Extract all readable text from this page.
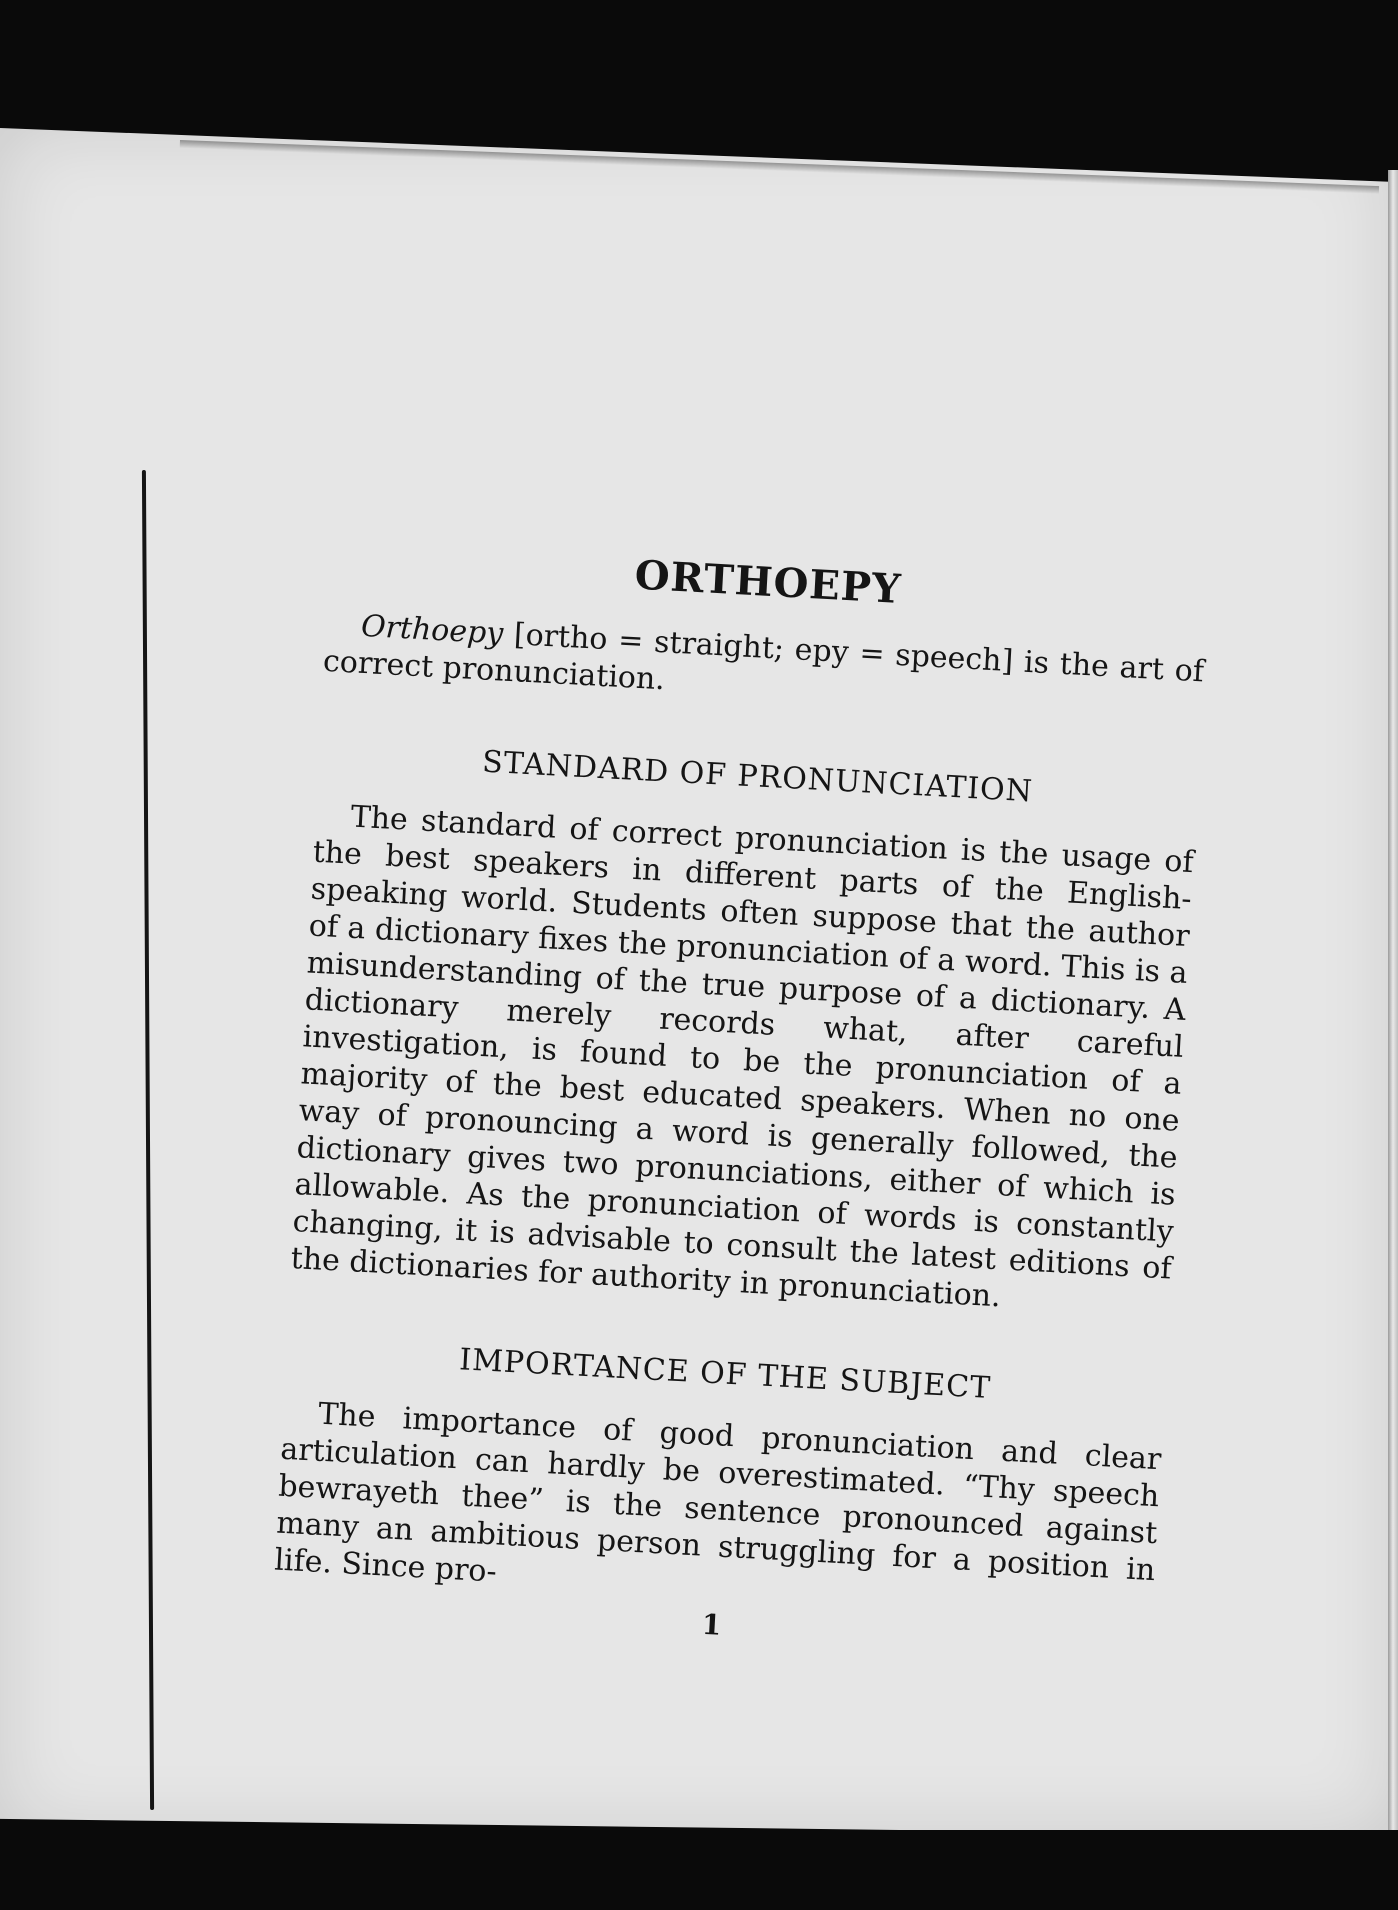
ORTHOEPY

Orthoepy [ortho = straight; epy = speech] is the art of correct pronunciation.

STANDARD OF PRONUNCIATION

The standard of correct pronunciation is the usage of the best speakers in different parts of the English-speaking world. Students often suppose that the author of a dictionary fixes the pronunciation of a word. This is a misunderstanding of the true purpose of a dictionary. A dictionary merely records what, after careful investigation, is found to be the pronunciation of a majority of the best educated speakers. When no one way of pronouncing a word is generally followed, the dictionary gives two pronunciations, either of which is allowable. As the pronunciation of words is constantly changing, it is advisable to consult the latest editions of the dictionaries for authority in pronunciation.

IMPORTANCE OF THE SUBJECT

The importance of good pronunciation and clear articulation can hardly be overestimated. “Thy speech bewrayeth thee” is the sentence pronounced against many an ambitious person struggling for a position in life. Since pro-

1
